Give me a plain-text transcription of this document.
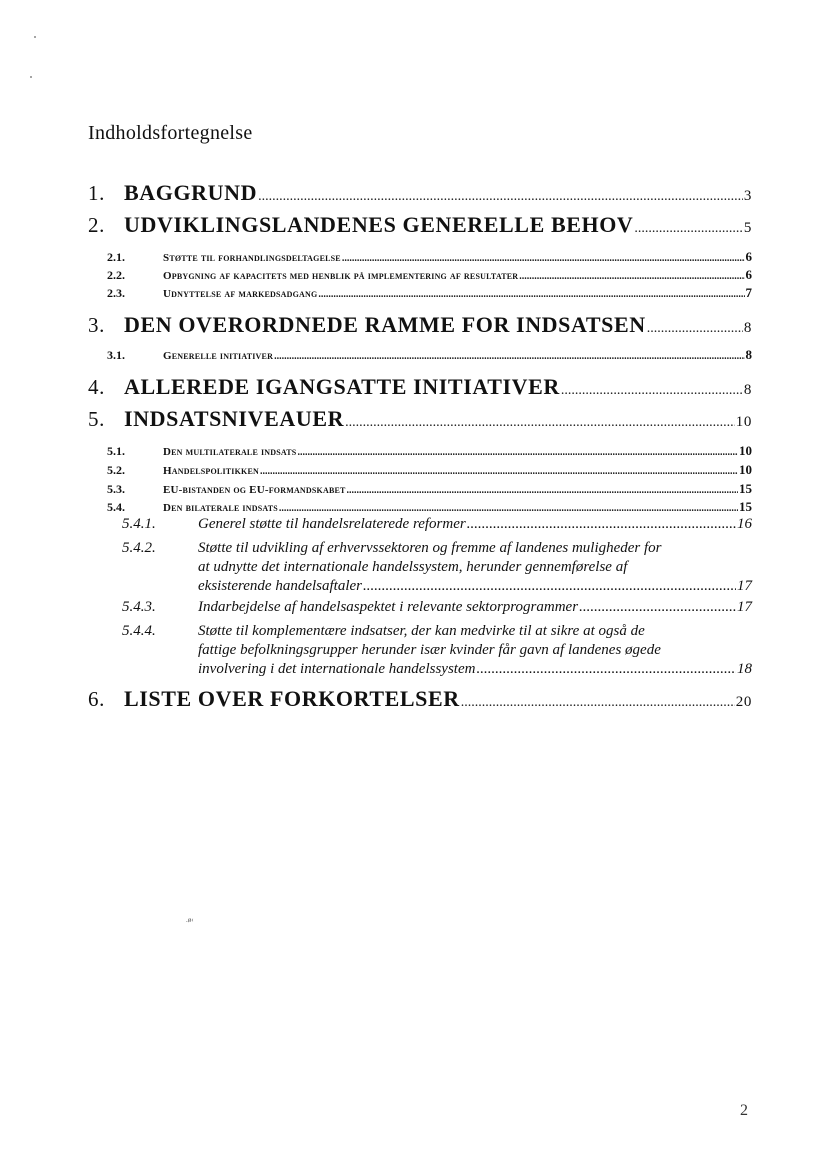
Indholdsfortegnelse
1. BAGGRUND .....	3
2. UDVIKLINGSLANDENES GENERELLE BEHOV .....	5
2.1.	Støtte til forhandlingsdeltagelse .....	6
2.2.	Opbygning af kapacitets med henblik på implementering af resultater .....	6
2.3.	Udnyttelse af markedsadgang .....	7
3. DEN OVERORDNEDE RAMME FOR INDSATSEN .....	8
3.1.	Generelle initiativer .....	8
4. ALLEREDE IGANGSATTE INITIATIVER .....	8
5. INDSATSNIVEAUER .....	10
5.1.	Den multilaterale indsats .....	10
5.2.	Handelspolitikken .....	10
5.3.	EU-bistanden og EU-formandskabet .....	15
5.4.	Den bilaterale indsats .....	15
5.4.1.	Generel støtte til handelsrelaterede reformer .....	16
5.4.2.	Støtte til udvikling af erhvervssektoren og fremme af landenes muligheder for
at udnytte det internationale handelssystem, herunder gennemførelse af
eksisterende handelsaftaler .....	17
5.4.3.	Indarbejdelse af handelsaspektet i relevante sektorprogrammer .....	17
5.4.4.	Støtte til komplementære indsatser, der kan medvirke til at sikre at også de
fattige befolkningsgrupper herunder især kvinder får gavn af landenes øgede
involvering i det internationale handelssystem .....	18
6. LISTE OVER FORKORTELSER .....	20
.ø‹
2
